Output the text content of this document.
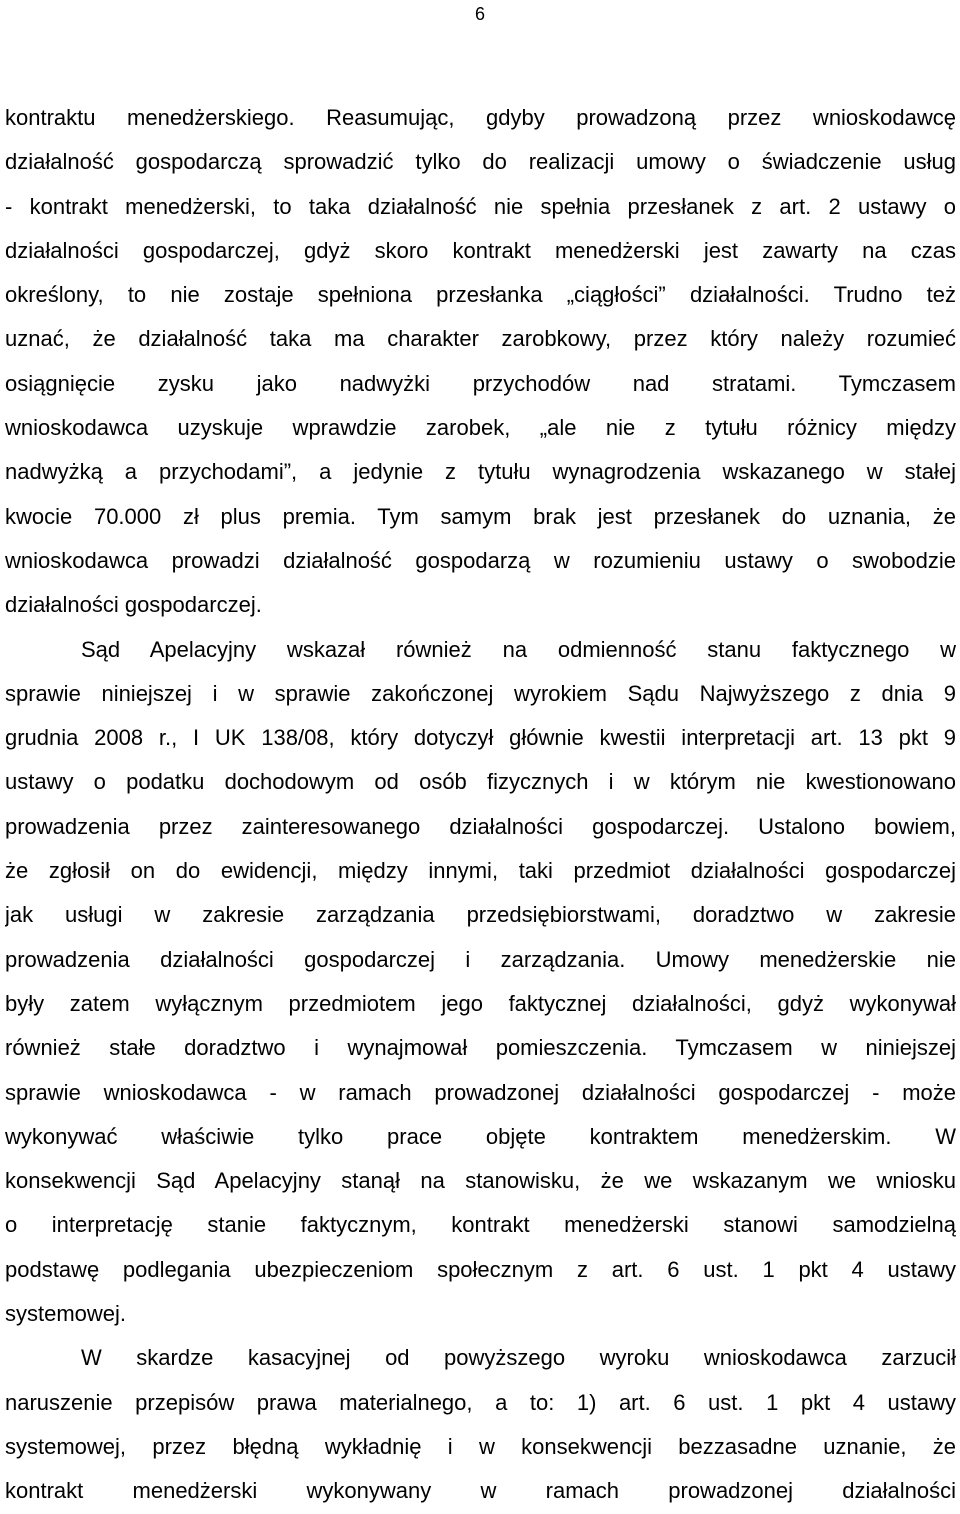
6
kontraktu menedżerskiego. Reasumując, gdyby prowadzoną przez wnioskodawcę
działalność gospodarczą sprowadzić tylko do realizacji umowy o świadczenie usług
- kontrakt menedżerski, to taka działalność nie spełnia przesłanek z art. 2 ustawy o
działalności gospodarczej, gdyż skoro kontrakt menedżerski jest zawarty na czas
określony, to nie zostaje spełniona przesłanka „ciągłości” działalności. Trudno też
uznać, że działalność taka ma charakter zarobkowy, przez który należy rozumieć
osiągnięcie zysku jako nadwyżki przychodów nad stratami. Tymczasem
wnioskodawca uzyskuje wprawdzie zarobek, „ale nie z tytułu różnicy między
nadwyżką a przychodami”, a jedynie z tytułu wynagrodzenia wskazanego w stałej
kwocie 70.000 zł plus premia. Tym samym brak jest przesłanek do uznania, że
wnioskodawca prowadzi działalność gospodarzą w rozumieniu ustawy o swobodzie
działalności gospodarczej.
Sąd Apelacyjny wskazał również na odmienność stanu faktycznego w
sprawie niniejszej i w sprawie zakończonej wyrokiem Sądu Najwyższego z dnia 9
grudnia 2008 r., I UK 138/08, który dotyczył głównie kwestii interpretacji art. 13 pkt 9
ustawy o podatku dochodowym od osób fizycznych i w którym nie kwestionowano
prowadzenia przez zainteresowanego działalności gospodarczej. Ustalono bowiem,
że zgłosił on do ewidencji, między innymi, taki przedmiot działalności gospodarczej
jak usługi w zakresie zarządzania przedsiębiorstwami, doradztwo w zakresie
prowadzenia działalności gospodarczej i zarządzania. Umowy menedżerskie nie
były zatem wyłącznym przedmiotem jego faktycznej działalności, gdyż wykonywał
również stałe doradztwo i wynajmował pomieszczenia. Tymczasem w niniejszej
sprawie wnioskodawca - w ramach prowadzonej działalności gospodarczej - może
wykonywać właściwie tylko prace objęte kontraktem menedżerskim. W
konsekwencji Sąd Apelacyjny stanął na stanowisku, że we wskazanym we wniosku
o interpretację stanie faktycznym, kontrakt menedżerski stanowi samodzielną
podstawę podlegania ubezpieczeniom społecznym z art. 6 ust. 1 pkt 4 ustawy
systemowej.
W skardze kasacyjnej od powyższego wyroku wnioskodawca zarzucił
naruszenie przepisów prawa materialnego, a to: 1) art. 6 ust. 1 pkt 4 ustawy
systemowej, przez błędną wykładnię i w konsekwencji bezzasadne uznanie, że
kontrakt menedżerski wykonywany w ramach prowadzonej działalności
